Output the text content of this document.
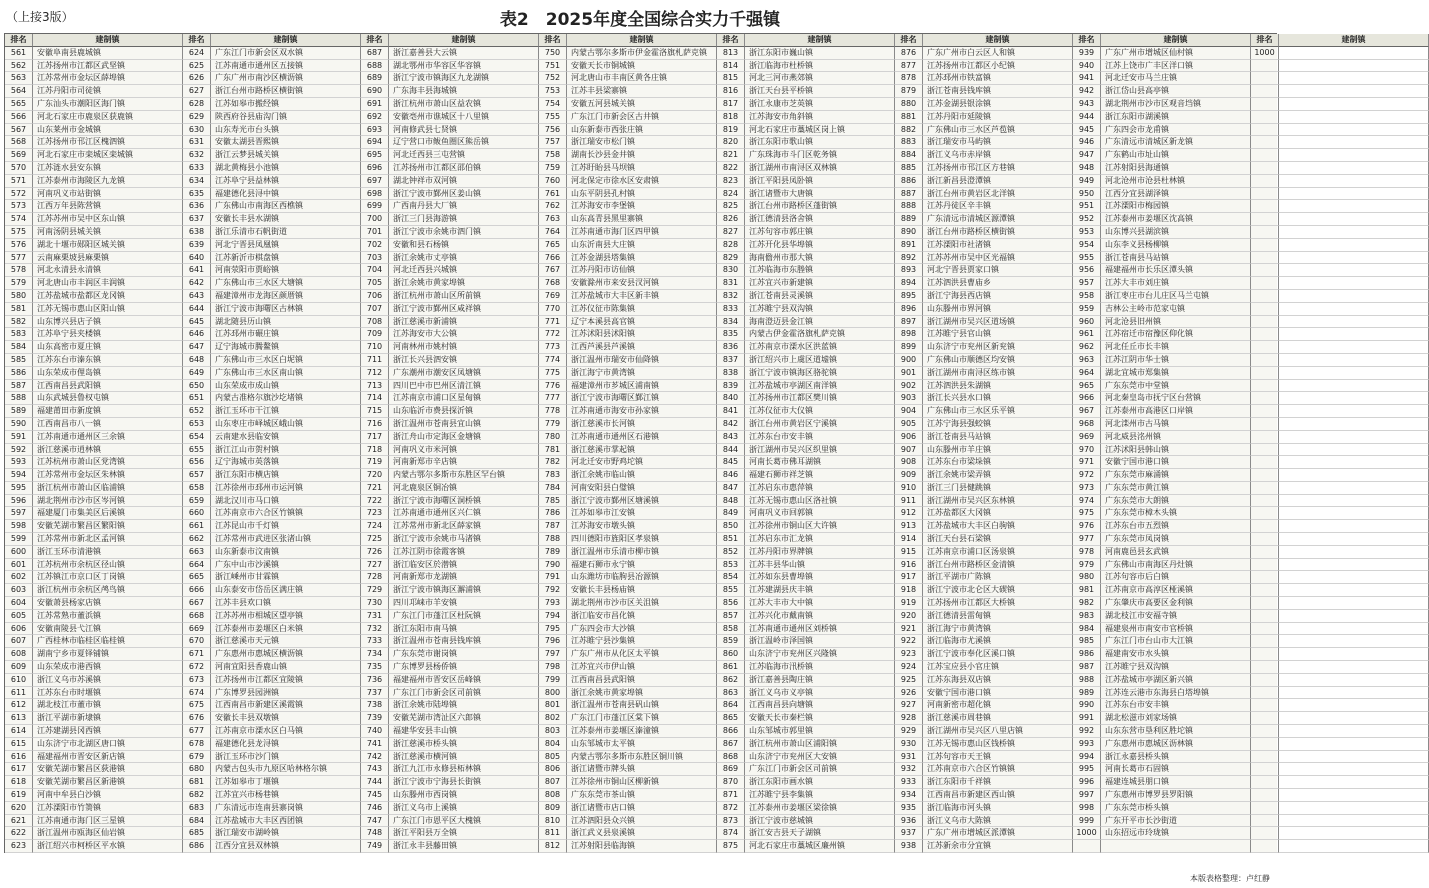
（上接3版）	表2　2025年度全国综合实力千强镇
排名	建制镇	排名	建制镇	排名	建制镇	排名	建制镇	排名	建制镇	排名	建制镇	排名	建制镇	排名	建制镇
561	安徽阜南县鹿城镇	624	广东江门市新会区双水镇	687	浙江嘉善县大云镇	750	内蒙古鄂尔多斯市伊金霍洛旗札萨克镇	813	浙江东阳市巍山镇	876	广东广州市白云区人和镇	939	广东广州市增城区仙村镇	1000
562	江苏扬州市江都区武坚镇	625	江苏南通市通州区五接镇	688	湖北鄂州市华容区华容镇	751	安徽天长市铜城镇	814	浙江临海市杜桥镇	877	江苏扬州市江都区小纪镇	940	江苏上饶市广丰区洋口镇
563	江苏常州市金坛区薛埠镇	626	广东广州市南沙区横沥镇	689	浙江宁波市镇海区九龙湖镇	752	河北唐山市丰南区黄各庄镇	815	河北三河市燕郊镇	878	江苏邳州市铁富镇	941	河北迁安市马兰庄镇
564	江苏丹阳市司徒镇	627	浙江台州市路桥区横街镇	690	广东海丰县海城镇	753	江苏丰县梁寨镇	816	浙江天台县平桥镇	879	浙江苍南县钱库镇	942	浙江岱山县高亭镇
565	广东汕头市潮阳区海门镇	628	江苏如皋市搬经镇	691	浙江杭州市萧山区益农镇	754	安徽五河县城关镇	817	浙江永康市芝英镇	880	江苏金湖县银涂镇	943	湖北荆州市沙市区观音垱镇
566	河北石家庄市鹿泉区获鹿镇	629	陕西府谷县庙沟门镇	692	安徽亳州市谯城区十八里镇	755	广东江门市新会区古井镇	818	江苏海安市角斜镇	881	江苏丹阳市延陵镇	944	浙江东阳市湖溪镇
567	山东莱州市金城镇	630	山东寿光市台头镇	693	河南修武县七贤镇	756	山东新泰市西张庄镇	819	河北石家庄市藁城区岗上镇	882	广东佛山市三水区芦苞镇	945	广东四会市龙甫镇
568	江苏扬州市邗江区槐泗镇	631	安徽太湖县晋熙镇	694	辽宁营口市鲅鱼圈区熊岳镇	757	浙江瑞安市松门镇	820	浙江东阳市歌山镇	883	浙江瑞安市马屿镇	946	广东清远市清城区新龙镇
569	河北石家庄市栾城区栾城镇	632	浙江云梦县城关镇	695	河北迁西县三屯营镇	758	湖南长沙县金井镇	821	广东珠海市斗门区乾务镇	884	浙江义乌市赤岸镇	947	广东鹤山市址山镇
570	江苏涟水县安东镇	633	湖北黄梅县小池镇	696	江苏扬州市江都区邵伯镇	759	江苏盱眙县马坝镇	822	浙江湖州市南浔区双林镇	885	江苏扬州市邗江区方巷镇	948	江苏射阳县海通镇
571	江苏泰州市海陵区九龙镇	634	江苏阜宁县益林镇	697	湖北钟祥市双河镇	760	河北保定市徐水区安肃镇	823	浙江平阳县凤卧镇	886	浙江新昌县澄潭镇	949	河北沧州市沧县杜林镇
572	河南巩义市站街镇	635	福建德化县浔中镇	698	浙江宁波市鄞州区姜山镇	761	山东平阴县孔村镇	824	浙江诸暨市大唐镇	887	浙江台州市黄岩区北洋镇	950	江西分宜县湖泽镇
573	江西万年县陈营镇	636	广东佛山市南海区西樵镇	699	广西南丹县大厂镇	762	江苏海安市李堡镇	825	浙江台州市路桥区蓬街镇	888	江苏丹徒区辛丰镇	951	江苏溧阳市梅园镇
574	江苏苏州市吴中区东山镇	637	安徽长丰县水湖镇	700	浙江三门县海游镇	763	山东高青县黑里寨镇	826	浙江德清县洛舍镇	889	广东清远市清城区源潭镇	952	江苏泰州市姜堰区沈高镇
575	河南汤阴县城关镇	638	浙江乐清市石帆街道	701	浙江宁波市余姚市泗门镇	764	江苏南通市海门区四甲镇	827	江苏句容市郭庄镇	890	浙江台州市路桥区横街镇	953	山东博兴县湖滨镇
576	湖北十堰市郧阳区城关镇	639	河北宁晋县凤凰镇	702	安徽和县石杨镇	765	山东沂南县大庄镇	828	江苏开化县华埠镇	891	江苏溧阳市社渚镇	954	山东李义县杨柳镇
577	云南麻栗坡县麻栗镇	640	江苏新沂市棋盘镇	703	浙江余姚市丈亭镇	766	江苏金湖县塔集镇	829	海南儋州市那大镇	892	江苏苏州市吴中区光福镇	955	浙江苍南县马站镇
578	河北永清县永清镇	641	河南荥阳市贾峪镇	704	河北迁西县兴城镇	767	江苏丹阳市访仙镇	830	江苏临海市东塍镇	893	河北宁晋县贾家口镇	956	福建福州市长乐区潭头镇
579	河北唐山市丰润区丰润镇	642	广东佛山市三水区大塘镇	705	浙江余姚市黄家埠镇	768	安徽滁州市来安县汊河镇	831	江苏宜兴市新建镇	894	江苏泗洪县曹庙乡	957	江苏大丰市刘庄镇
580	江苏盐城市盐都区龙冈镇	643	福建漳州市龙海区颜厝镇	706	浙江杭州市萧山区所前镇	769	江苏盐城市大丰区新丰镇	832	浙江苍南县灵溪镇	895	浙江宁海县西店镇	958	浙江枣庄市台儿庄区马兰屯镇
581	江苏无锡市惠山区阳山镇	644	浙江宁波市海曙区古林镇	707	浙江宁波市鄞州区咸祥镇	770	江苏仪征市陈集镇	833	江苏睢宁县双沟镇	896	山东滕州市界河镇	959	吉林公主岭市范家屯镇
582	山东博兴县店子镇	645	湖北随县历山镇	708	浙江慈溪市新浦镇	771	辽宁本溪县高官镇	834	海南澄迈县金江镇	897	浙江湖州市吴兴区道场镇	960	河北沧县旧州镇
583	江苏阜宁县夹楼镇	646	江苏邳州市碾庄镇	709	江苏海安市大公镇	772	江苏沭阳县沭阳镇	835	内蒙古伊金霍洛旗札萨克镇	898	江苏睢宁县官山镇	961	江苏宿迁市宿豫区仰化镇
584	山东高密市夏庄镇	647	辽宁海城市腾鳌镇	710	河南林州市姚村镇	773	江西芦溪县芦溪镇	836	江苏南京市溧水区洪蓝镇	899	山东济宁市兖州区新兖镇	962	河北任丘市长丰镇
585	江苏东台市溱东镇	648	广东佛山市三水区白坭镇	711	浙江长兴县泗安镇	774	浙江温州市瑞安市仙降镇	837	浙江绍兴市上虞区道墟镇	900	广东佛山市顺德区均安镇	963	江苏江阴市华士镇
586	山东荣成市俚岛镇	649	广东佛山市三水区南山镇	712	广东潮州市潮安区凤塘镇	775	浙江海宁市黄湾镇	838	浙江宁波市镇海区骆驼镇	901	浙江湖州市南浔区练市镇	964	湖北宜城市郑集镇
587	江西南昌县武阳镇	650	山东荣成市成山镇	713	四川巴中市巴州区清江镇	776	福建漳州市芗城区浦南镇	839	江苏盐城市亭湖区南洋镇	902	江苏泗洪县朱湖镇	965	广东东莞市中堂镇
588	山东武城县鲁权屯镇	651	内蒙古准格尔旗沙圪堵镇	714	江苏南京市浦口区星甸镇	777	浙江宁波市海曙区鄞江镇	840	江苏扬州市江都区樊川镇	903	浙江长兴县水口镇	966	河北秦皇岛市抚宁区台营镇
589	福建莆田市新度镇	652	浙江玉环市干江镇	715	山东临沂市费县探沂镇	778	江苏南通市海安市孙家镇	841	江苏仪征市大仪镇	904	广东佛山市三水区乐平镇	967	江苏泰州市高港区口岸镇
590	江西南昌市八一镇	653	山东枣庄市峄城区峨山镇	716	浙江温州市苍南县宜山镇	779	浙江慈溪市长河镇	842	浙江台州市黄岩区宁溪镇	905	江苏宁海县强蛟镇	968	河北滦州市古马镇
591	江苏南通市通州区三余镇	654	云南建水县临安镇	717	浙江舟山市定海区金塘镇	780	江苏南通市通州区石港镇	843	江苏东台市安丰镇	906	浙江苍南县马站镇	969	河北威县洺州镇
592	浙江慈溪市逍林镇	655	浙江江山市贺村镇	718	河南巩义市米河镇	781	浙江慈溪市掌起镇	844	浙江湖州市吴兴区织里镇	907	山东滕州市羊庄镇	970	江苏沭阳县韩山镇
593	江苏杭州市萧山区党湾镇	656	辽宁海城市英落镇	719	河南新郑市辛店镇	782	河北迁安市野鸡坨镇	845	河南长葛市佛耳湖镇	908	江苏东台市梁垛镇	971	安徽宁国市港口镇
594	江苏常州市金坛区朱林镇	657	浙江东阳市横店镇	720	内蒙古鄂尔多斯市东胜区罕台镇	783	浙江余姚市临山镇	846	福建石狮市祥芝镇	909	浙江余姚市梁弄镇	972	广东东莞市麻涌镇
595	浙江杭州市萧山区临浦镇	658	江苏徐州市邳州市运河镇	721	河北鹿泉区铜冶镇	784	河南安阳县白璧镇	847	江苏启东市惠萍镇	910	浙江三门县健跳镇	973	广东东莞市黄江镇
596	湖北荆州市沙市区岑河镇	659	湖北汉川市马口镇	722	浙江宁波市海曙区洞桥镇	785	浙江宁波市鄞州区塘溪镇	848	江苏无锡市惠山区洛社镇	911	浙江湖州市吴兴区东林镇	974	广东东莞市大朗镇
597	福建厦门市集美区后溪镇	660	江苏南京市六合区竹镇镇	723	江苏南通市通州区兴仁镇	786	江苏如皋市江安镇	849	河南巩义市回郭镇	912	江苏盐都区大冈镇	975	广东东莞市樟木头镇
598	安徽芜湖市繁昌区繁阳镇	661	江苏昆山市千灯镇	724	江苏常州市新北区薛家镇	787	江苏海安市墩头镇	850	江苏徐州市铜山区大许镇	913	江苏盐城市大丰区白驹镇	976	江苏东台市五烈镇
599	江苏常州市新北区孟河镇	662	江苏常州市武进区张渚山镇	725	浙江宁波市余姚市马渚镇	788	四川德阳市旌阳区孝泉镇	851	江苏启东市汇龙镇	914	浙江天台县石梁镇	977	广东东莞市凤岗镇
600	浙江玉环市清港镇	663	山东新泰市汶南镇	726	江苏江阴市徐霞客镇	789	浙江温州市乐清市柳市镇	852	江苏丹阳市界牌镇	915	江苏南京市浦口区汤泉镇	978	河南鹿邑县玄武镇
601	江苏杭州市余杭区径山镇	664	广东中山市沙溪镇	727	浙江临安区於潜镇	790	福建石狮市永宁镇	853	江苏丰县华山镇	916	浙江台州市路桥区金清镇	979	广东佛山市南海区丹灶镇
602	江苏镇江市京口区丁岗镇	665	浙江嵊州市甘霖镇	728	河南新郑市龙湖镇	791	山东潍坊市临朐县冶源镇	854	江苏如东县曹埠镇	917	浙江平湖市广陈镇	980	江苏句容市后白镇
603	浙江杭州市余杭区鸬鸟镇	666	山东泰安市岱岳区满庄镇	729	浙江宁波市镇海区澥浦镇	792	安徽长丰县杨庙镇	855	江苏建湖县庆丰镇	918	浙江宁波市北仑区大碶镇	981	江苏南京市高淳区桠溪镇
604	安徽萧县杨家店镇	667	江苏丰县欢口镇	730	四川邛崃市羊安镇	793	湖北荆州市沙市区关沮镇	856	江苏大丰市大中镇	919	江苏扬州市江都区大桥镇	982	广东肇庆市高要区金利镇
605	江苏常熟市董浜镇	668	江苏苏州市相城区望亭镇	731	广东江门市蓬江区杜阮镇	794	浙江临安市昌化镇	857	江苏兴化市戴南镇	920	浙江德清县雷甸镇	983	湖北枝江市安福寺镇
606	安徽南陵县弋江镇	669	江苏泰州市姜堰区白米镇	732	浙江东阳市南马镇	795	广东四会市大沙镇	858	江苏南通市通州区刘桥镇	921	浙江海宁市黄湾镇	984	福建泉州市南安市官桥镇
607	广西桂林市临桂区临桂镇	670	浙江慈溪市天元镇	733	浙江温州市苍南县钱库镇	796	江苏睢宁县沙集镇	859	浙江温岭市泽国镇	922	浙江临海市尤溪镇	985	广东江门市台山市大江镇
608	湖南宁乡市夏铎铺镇	671	广东惠州市惠城区横沥镇	734	广东东莞市谢岗镇	797	广东广州市从化区太平镇	860	山东济宁市兖州区兴隆镇	923	浙江宁波市奉化区溪口镇	986	福建南安市水头镇
609	山东荣成市港西镇	672	河南宜阳县香鹿山镇	735	广东博罗县杨侨镇	798	江苏宜兴市伊山镇	861	江苏临海市汛桥镇	924	江苏宝应县小官庄镇	987	江苏睢宁县双沟镇
610	浙江义乌市苏溪镇	673	江苏扬州市江都区宜陵镇	736	福建福州市晋安区岳峰镇	799	江西南昌县武阳镇	862	浙江嘉善县陶庄镇	925	江苏东海县双店镇	988	江苏盐城市亭湖区新兴镇
611	江苏东台市时堰镇	674	广东博罗县园洲镇	737	广东江门市新会区司前镇	800	浙江余姚市黄家埠镇	863	浙江义乌市义亭镇	926	安徽宁国市港口镇	989	江苏连云港市东海县白塔埠镇
612	湖北枝江市董市镇	675	江西南昌市新建区溪霞镇	738	浙江余姚市陆埠镇	801	浙江温州市苍南县矾山镇	864	江西南昌县向塘镇	927	河南新密市超化镇	990	江苏东台市安丰镇
613	浙江平湖市新埭镇	676	安徽长丰县双墩镇	739	安徽芜湖市湾沚区六郎镇	802	广东江门市蓬江区棠下镇	865	安徽天长市秦栏镇	928	浙江慈溪市周巷镇	991	湖北松滋市刘家场镇
614	江苏建湖县冈西镇	677	江苏南京市溧水区白马镇	740	福建华安县丰山镇	803	江苏泰州市姜堰区溱潼镇	866	山东邹城市郭里镇	929	浙江湖州市吴兴区八里店镇	992	山东东营市垦利区胜坨镇
615	山东济宁市北湖区唐口镇	678	福建德化县龙浔镇	741	浙江慈溪市桥头镇	804	山东邹城市太平镇	867	浙江杭州市萧山区浦阳镇	930	江苏无锡市惠山区钱桥镇	993	广东惠州市惠城区沥林镇
616	福建福州市晋安区新店镇	679	浙江玉环市沙门镇	742	浙江慈溪市横河镇	805	内蒙古鄂尔多斯市东胜区铜川镇	868	山东济宁市兖州区大安镇	931	江苏句容市天王镇	994	浙江永嘉县桥头镇
617	安徽芜湖市繁昌区荻港镇	680	内蒙古包头市九原区哈林格尔镇	743	浙江九江市永修县柘林镇	806	浙江诸暨市牌头镇	869	广东江门市新会区司前镇	932	江苏南京市六合区竹镇镇	995	河南长葛市石固镇
618	安徽芜湖市繁昌区新港镇	681	江苏如皋市丁堰镇	744	浙江宁波市宁海县长街镇	807	江苏徐州市铜山区柳新镇	870	浙江东阳市画水镇	933	浙江东阳市千祥镇	996	福建连城县朋口镇
619	河南中牟县白沙镇	682	江苏宜兴市杨巷镇	745	山东滕州市西岗镇	808	广东东莞市茶山镇	871	江苏睢宁县李集镇	934	江西南昌市新建区西山镇	997	广东惠州市博罗县罗阳镇
620	江苏溧阳市竹箦镇	683	广东清远市连南县寨岗镇	746	浙江义乌市上溪镇	809	浙江诸暨市店口镇	872	江苏泰州市姜堰区梁徐镇	935	浙江临海市河头镇	998	广东东莞市桥头镇
621	江苏南通市海门区三星镇	684	江苏盐城市大丰区西团镇	747	广东江门市恩平区大槐镇	810	江苏泗阳县众兴镇	873	浙江宁波市慈城镇	936	浙江义乌市大陈镇	999	广东开平市长沙街道
622	浙江温州市瓯海区仙岩镇	685	浙江瑞安市湖岭镇	748	浙江平阳县万全镇	811	浙江武义县泉溪镇	874	浙江安吉县天子湖镇	937	广东广州市增城区派潭镇	1000	山东招远市玲珑镇
623	浙江绍兴市柯桥区平水镇	686	江西分宜县双林镇	749	浙江永丰县藤田镇	812	江苏射阳县临海镇	875	河北石家庄市藁城区廉州镇	938	江苏新余市分宜镇
本版表格整理：卢红静
